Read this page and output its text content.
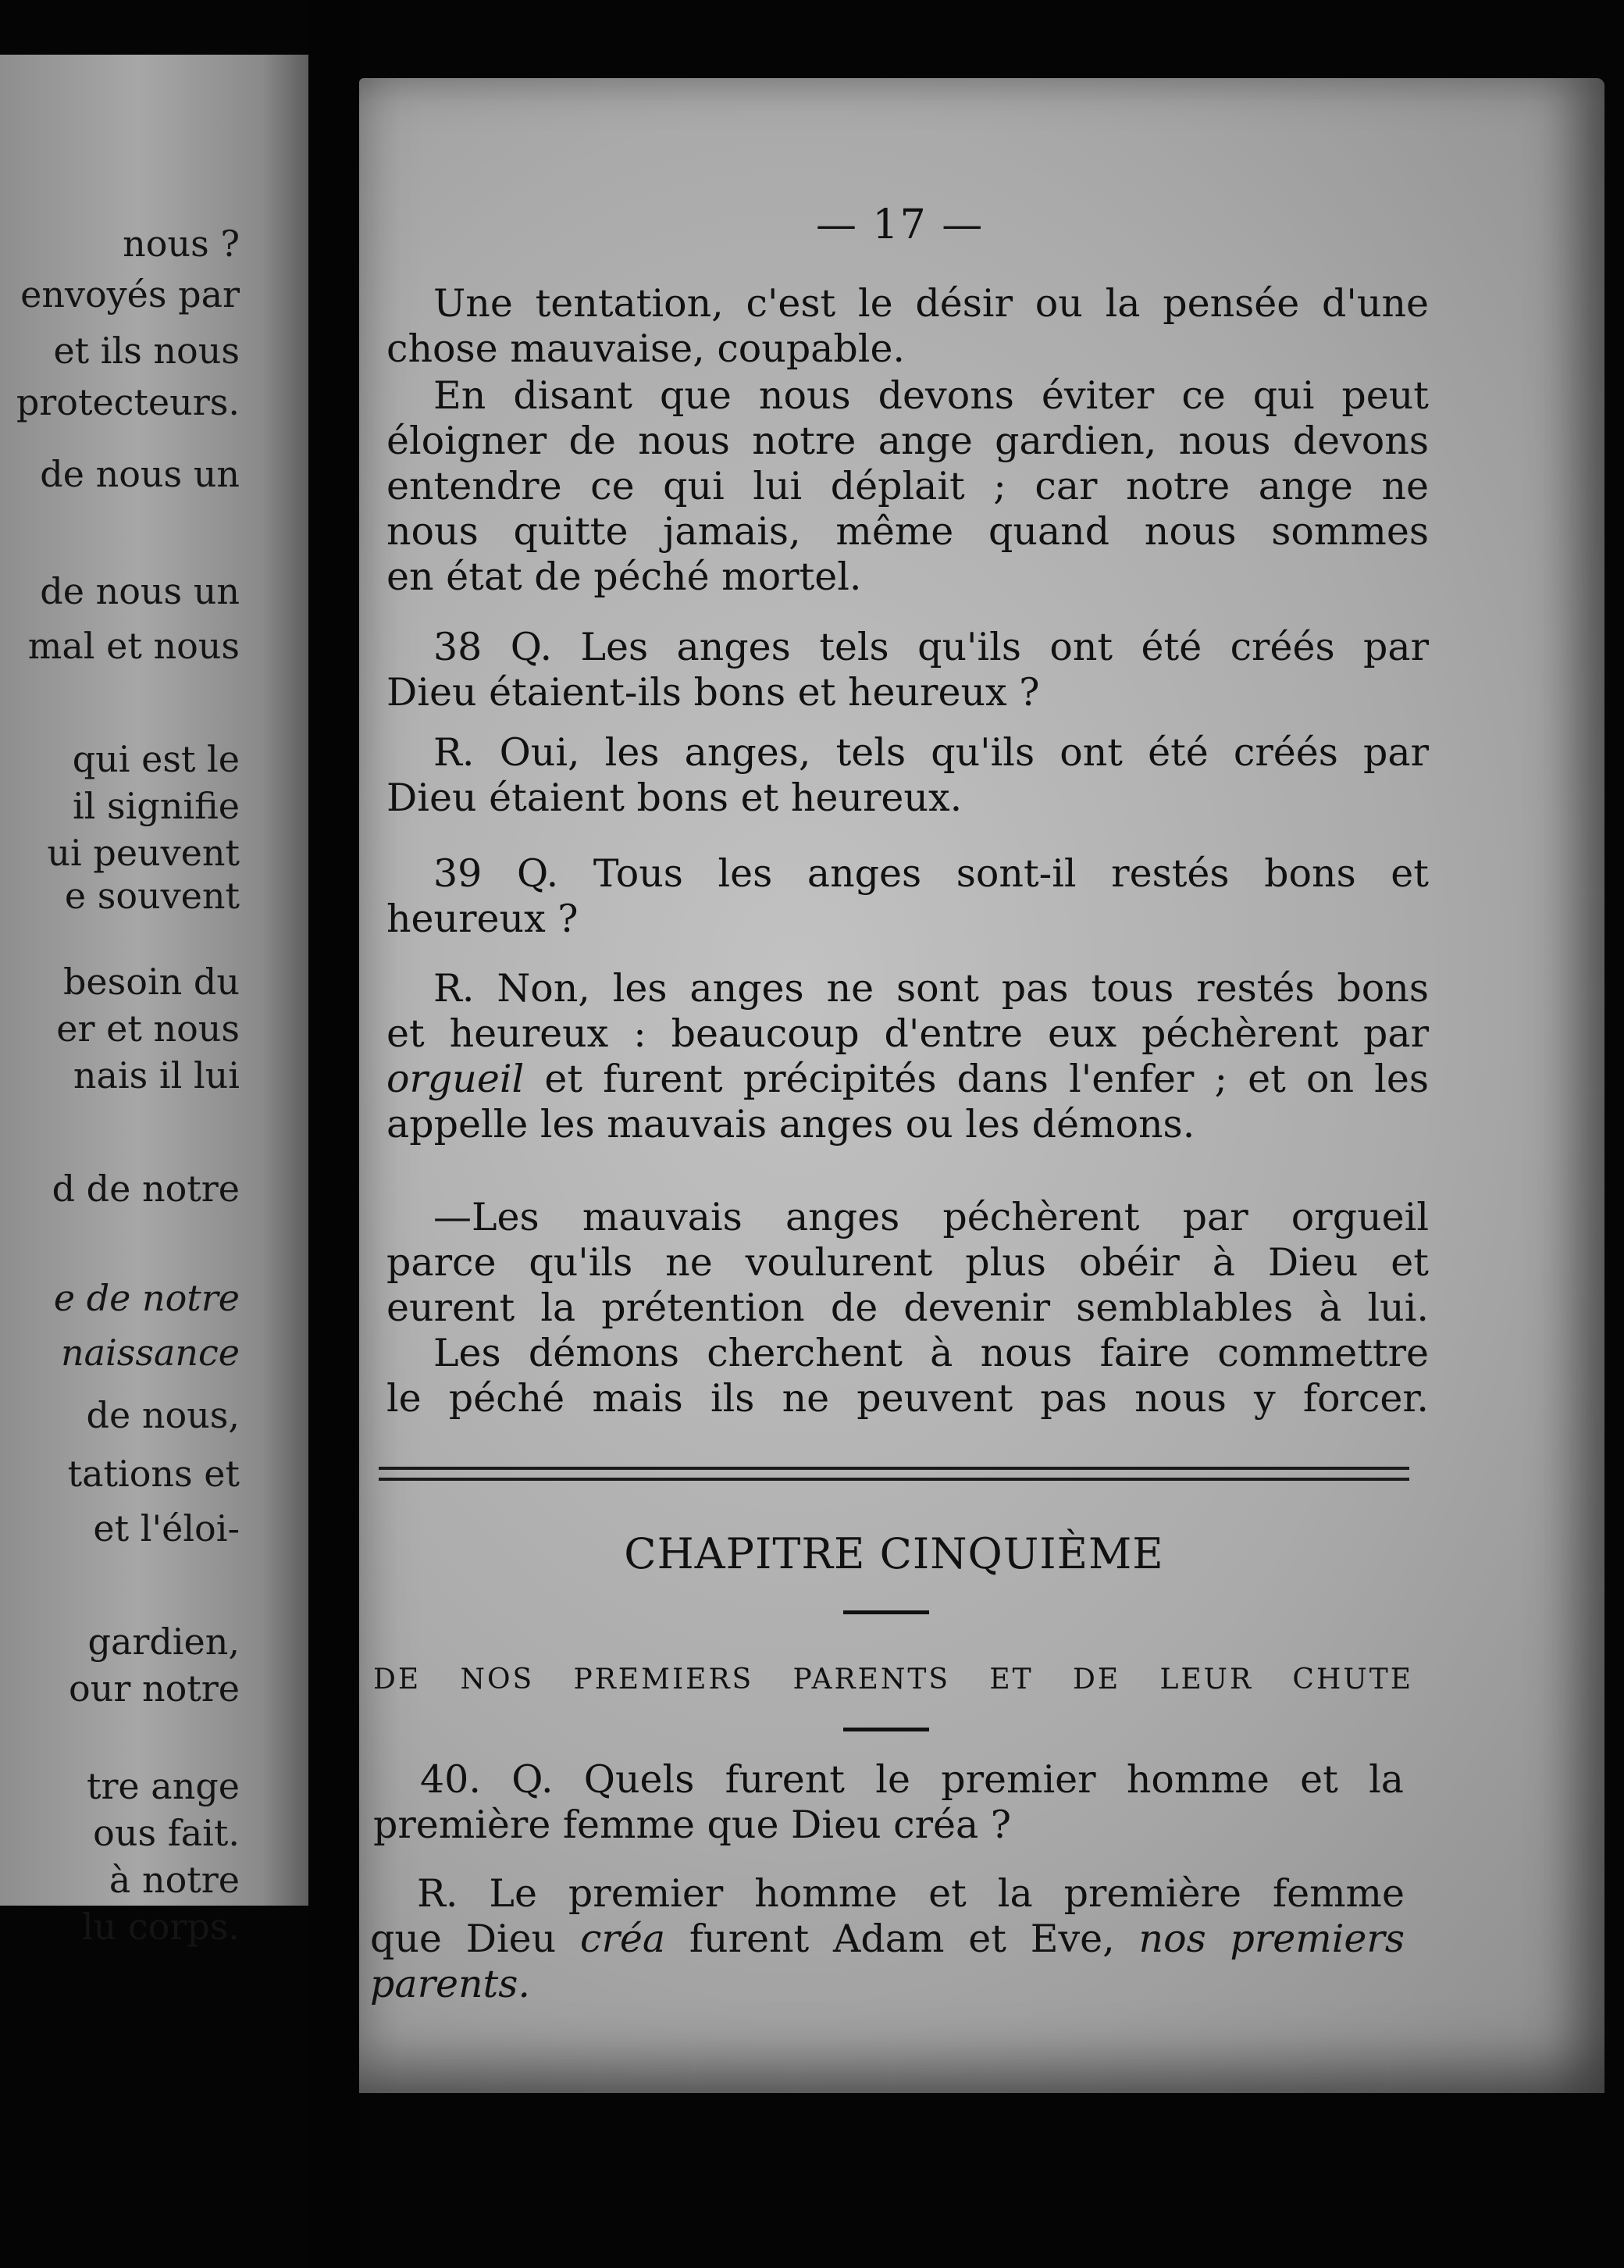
nous ?
envoyés par
et ils nous
protecteurs.
de nous un
de nous un
mal et nous
qui est le
il signifie
ui peuvent
e souvent
besoin du
er et nous
nais il lui
d de notre
e de notre
naissance
de nous,
tations et
et l'éloi-
gardien,
our notre
tre ange
ous fait.
à notre
lu corps.
— 17 —
Une tentation, c'est le désir ou la pensée d'une
chose mauvaise, coupable.
En disant que nous devons éviter ce qui peut
éloigner de nous notre ange gardien, nous devons
entendre ce qui lui déplait ; car notre ange ne
nous quitte jamais, même quand nous sommes
en état de péché mortel.
38 Q. Les anges tels qu'ils ont été créés par
Dieu étaient-ils bons et heureux ?
R. Oui, les anges, tels qu'ils ont été créés par
Dieu étaient bons et heureux.
39 Q. Tous les anges sont-il restés bons et
heureux ?
R. Non, les anges ne sont pas tous restés bons
et heureux : beaucoup d'entre eux péchèrent par
orgueil et furent précipités dans l'enfer ; et on les
appelle les mauvais anges ou les démons.
—Les mauvais anges péchèrent par orgueil
parce qu'ils ne voulurent plus obéir à Dieu et
eurent la prétention de devenir semblables à lui.
Les démons cherchent à nous faire commettre
le péché mais ils ne peuvent pas nous y forcer.
CHAPITRE CINQUIÈME
DE NOS PREMIERS PARENTS ET DE LEUR CHUTE
40. Q. Quels furent le premier homme et la
première femme que Dieu créa ?
R. Le premier homme et la première femme
que Dieu créa furent Adam et Eve, nos premiers
parents.
